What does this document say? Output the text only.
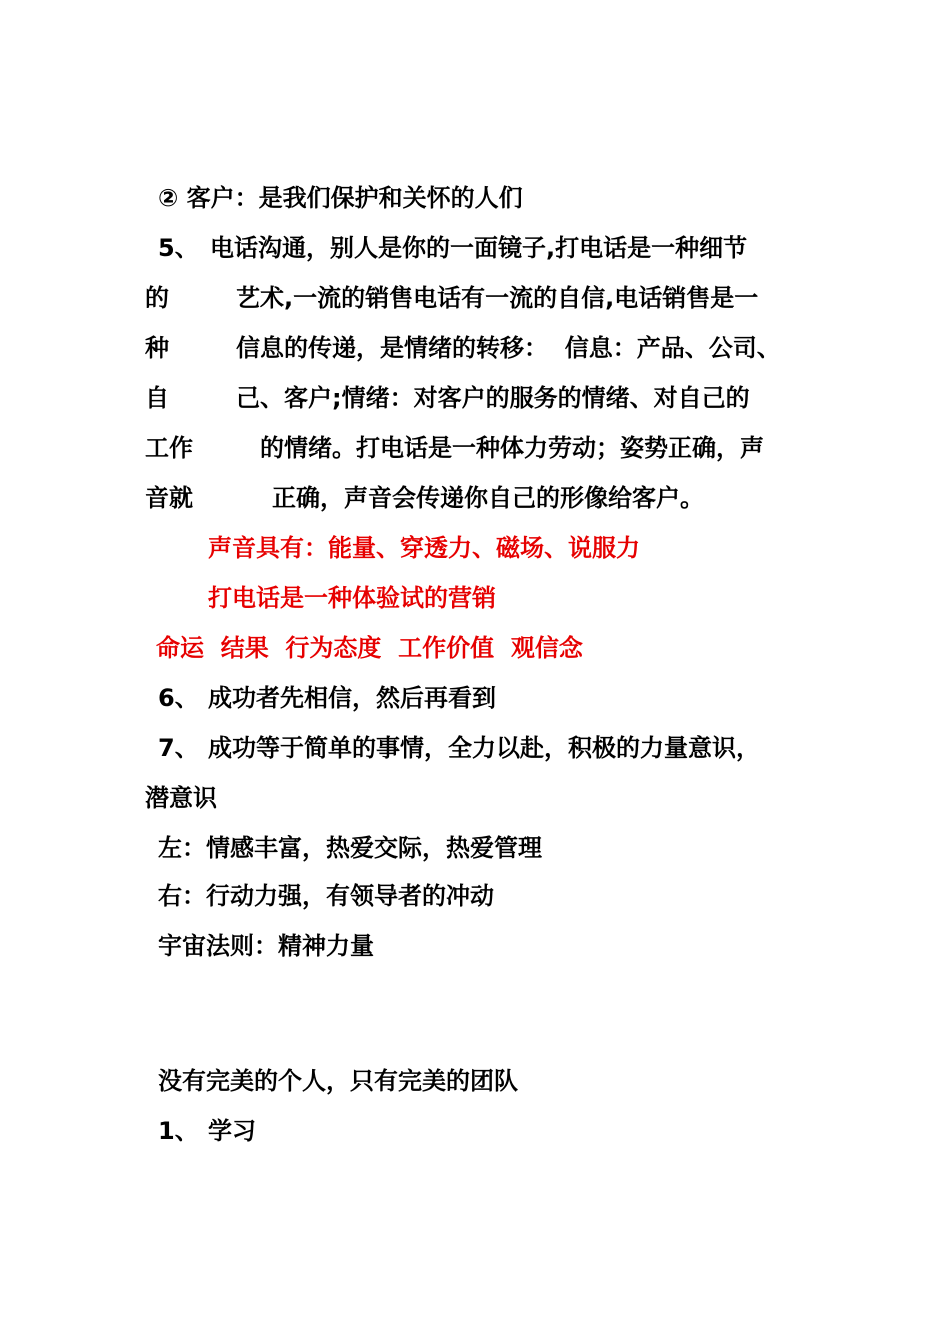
② 客户：是我们保护和关怀的人们
5、 电话沟通，别人是你的一面镜子,打电话是一种细节
的	艺术,一流的销售电话有一流的自信,电话销售是一
种	信息的传递，是情绪的转移：  信息：产品、公司、
自	己、客户;情绪：对客户的服务的情绪、对自己的
工作	的情绪。打电话是一种体力劳动；姿势正确，声
音就	正确，声音会传递你自己的形像给客户。
声音具有：能量、穿透力、磁场、说服力
打电话是一种体验试的营销
命运  结果  行为态度  工作价值  观信念
6、 成功者先相信，然后再看到
7、 成功等于简单的事情，全力以赴，积极的力量意识，
潜意识
左：情感丰富，热爱交际，热爱管理
右：行动力强，有领导者的冲动
宇宙法则：精神力量
没有完美的个人，只有完美的团队
1、 学习
